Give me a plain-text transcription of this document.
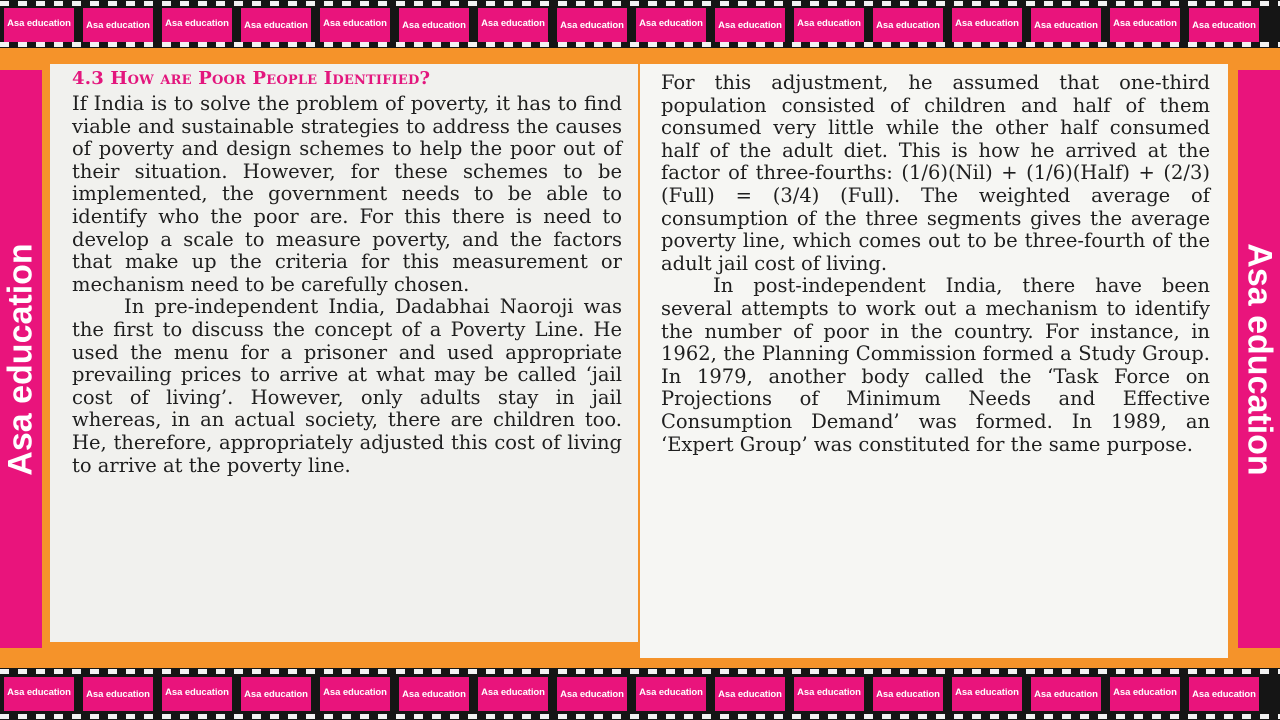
Asa education	Asa education	Asa education	Asa education	Asa education	Asa education	Asa education	Asa education	Asa education	Asa education	Asa education	Asa education	Asa education	Asa education	Asa education	Asa education
Asa education

4.3 How are Poor People Identified?

If India is to solve the problem of poverty, it has to find viable and sustainable strategies to address the causes of poverty and design schemes to help the poor out of their situation. However, for these schemes to be implemented, the government needs to be able to identify who the poor are. For this there is need to develop a scale to measure poverty, and the factors that make up the criteria for this measurement or mechanism need to be carefully chosen.

In pre-independent India, Dadabhai Naoroji was the first to discuss the concept of a Poverty Line. He used the menu for a prisoner and used appropriate prevailing prices to arrive at what may be called ‘jail cost of living’. However, only adults stay in jail whereas, in an actual society, there are children too. He, therefore, appropriately adjusted this cost of living to arrive at the poverty line.

For this adjustment, he assumed that one-third population consisted of children and half of them consumed very little while the other half consumed half of the adult diet. This is how he arrived at the factor of three-fourths: (1/6)(Nil) + (1/6)(Half) + (2/3)(Full) = (3/4) (Full). The weighted average of consumption of the three segments gives the average poverty line, which comes out to be three-fourth of the adult jail cost of living.

In post-independent India, there have been several attempts to work out a mechanism to identify the number of poor in the country. For instance, in 1962, the Planning Commission formed a Study Group. In 1979, another body called the ‘Task Force on Projections of Minimum Needs and Effective Consumption Demand’ was formed. In 1989, an ‘Expert Group’ was constituted for the same purpose.	Asa education
Asa education	Asa education	Asa education	Asa education	Asa education	Asa education	Asa education	Asa education	Asa education	Asa education	Asa education	Asa education	Asa education	Asa education	Asa education	Asa education
